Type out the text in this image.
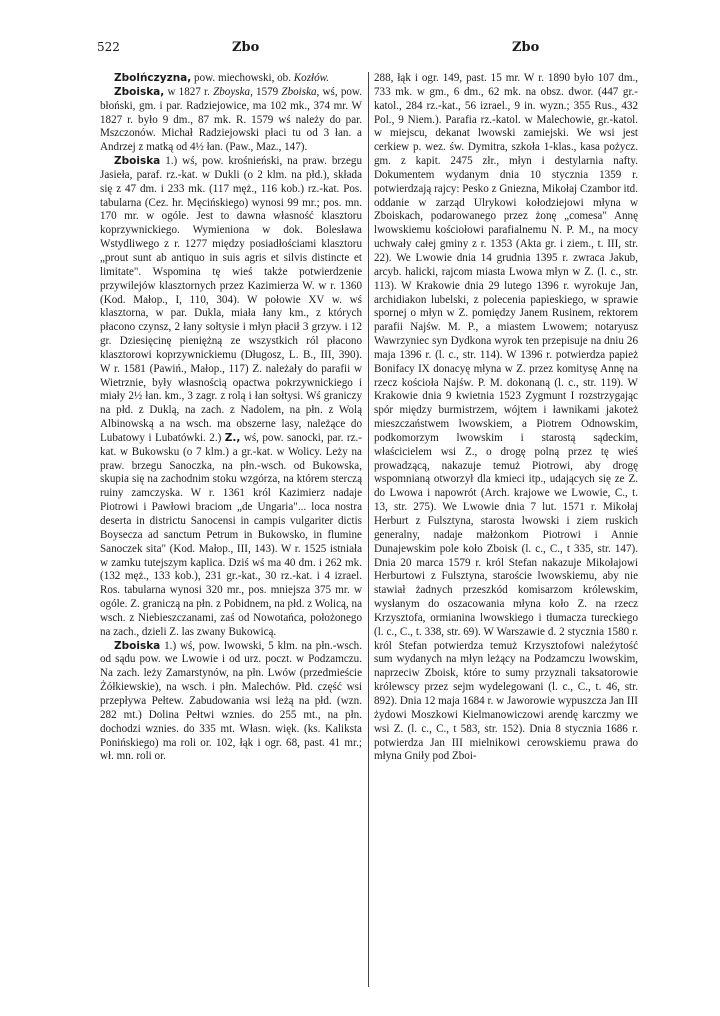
522	Zbo	Zbo

Zbolńczyzna, pow. miechowski, ob. Kozłów.

Zboiska, w 1827 r. Zboyska, 1579 Zboiska, wś, pow. błoński, gm. i par. Radziejowice, ma 102 mk., 374 mr. W 1827 r. było 9 dm., 87 mk. R. 1579 wś należy do par. Mszczonów. Michał Radziejowski płaci tu od 3 łan. a Andrzej z matką od 4½ łan. (Paw., Maz., 147).

Zboiska 1.) wś, pow. krośnieński, na praw. brzegu Jasieła, paraf. rz.-kat. w Dukli (o 2 klm. na płd.), składa się z 47 dm. i 233 mk. (117 męż., 116 kob.) rz.-kat. Pos. tabularna (Cez. hr. Męcińskiego) wynosi 99 mr.; pos. mn. 170 mr. w ogóle. Jest to dawna własność klasztoru koprzywnickiego. Wymieniona w dok. Bolesława Wstydliwego z r. 1277 między posiadłościami klasztoru „prout sunt ab antiquo in suis agris et silvis distincte et limitate". Wspomina tę wieś także potwierdzenie przywilejów klasztornych przez Kazimierza W. w r. 1360 (Kod. Małop., I, 110, 304). W połowie XV w. wś klasztorna, w par. Dukla, miała łany km., z których płacono czynsz, 2 łany sołtysie i młyn płacił 3 grzyw. i 12 gr. Dziesięcinę pieniężną ze wszystkich ról płacono klasztorowi koprzywnickiemu (Długosz, L. B., III, 390). W r. 1581 (Pawiń., Małop., 117) Z. należały do parafii w Wietrznie, były własnością opactwa pokrzywnickiego i miały 2½ łan. km., 3 zagr. z rolą i łan sołtysi. Wś graniczy na płd. z Duklą, na zach. z Nadolem, na płn. z Wolą Albinowską a na wsch. ma obszerne lasy, należące do Lubatowy i Lubatówki. 2.) Z., wś, pow. sanocki, par. rz.-kat. w Bukowsku (o 7 klm.) a gr.-kat. w Wolicy. Leży na praw. brzegu Sanoczka, na płn.-wsch. od Bukowska, skupia się na zachodnim stoku wzgórza, na którem sterczą ruiny zamczyska. W r. 1361 król Kazimierz nadaje Piotrowi i Pawłowi braciom „de Ungaria"... loca nostra deserta in districtu Sanocensi in campis vulgariter dictis Boysecza ad sanctum Petrum in Bukowsko, in flumine Sanoczek sita" (Kod. Małop., III, 143). W r. 1525 istniała w zamku tutejszym kaplica. Dziś wś ma 40 dm. i 262 mk. (132 męż., 133 kob.), 231 gr.-kat., 30 rz.-kat. i 4 izrael. Ros. tabularna wynosi 320 mr., pos. mniejsza 375 mr. w ogóle. Z. graniczą na płn. z Pobidnem, na płd. z Wolicą, na wsch. z Niebieszczanami, zaś od Nowotańca, położonego na zach., dzieli Z. las zwany Bukowicą.

Zboiska 1.) wś, pow. lwowski, 5 klm. na płn.-wsch. od sądu pow. we Lwowie i od urz. poczt. w Podzamczu. Na zach. leży Zamarstynów, na płn. Lwów (przedmieście Żółkiewskie), na wsch. i płn. Malechów. Płd. część wsi przepływa Pełtew. Zabudowania wsi leżą na płd. (wzn. 282 mt.) Dolina Pełtwi wznies. do 255 mt., na płn. dochodzi wznies. do 335 mt. Własn. więk. (ks. Kaliksta Ponińskiego) ma roli or. 102, łąk i ogr. 68, past. 41 mr.; wł. mn. roli or.

288, łąk i ogr. 149, past. 15 mr. W r. 1890 było 107 dm., 733 mk. w gm., 6 dm., 62 mk. na obsz. dwor. (447 gr.-katol., 284 rz.-kat., 56 izrael., 9 in. wyzn.; 355 Rus., 432 Pol., 9 Niem.). Parafia rz.-katol. w Malechowie, gr.-katol. w miejscu, dekanat lwowski zamiejski. We wsi jest cerkiew p. wez. św. Dymitra, szkoła 1-klas., kasa pożycz. gm. z kapit. 2475 złr., młyn i destylarnia nafty. Dokumentem wydanym dnia 10 stycznia 1359 r. potwierdzają rajcy: Pesko z Gniezna, Mikołaj Czambor itd. oddanie w zarząd Ulrykowi kołodziejowi młyna w Zboiskach, podarowanego przez żonę „comesa" Annę lwowskiemu kościołowi parafialnemu N. P. M., na mocy uchwały całej gminy z r. 1353 (Akta gr. i ziem., t. III, str. 22). We Lwowie dnia 14 grudnia 1395 r. zwraca Jakub, arcyb. halicki, rajcom miasta Lwowa młyn w Z. (l. c., str. 113). W Krakowie dnia 29 lutego 1396 r. wyrokuje Jan, archidiakon lubelski, z polecenia papieskiego, w sprawie spornej o młyn w Z. pomiędzy Janem Rusinem, rektorem parafii Najśw. M. P., a miastem Lwowem; notaryusz Wawrzyniec syn Dydkona wyrok ten przepisuje na dniu 26 maja 1396 r. (l. c., str. 114). W 1396 r. potwierdza papież Bonifacy IX donacyę młyna w Z. przez komitysę Annę na rzecz kościoła Najśw. P. M. dokonaną (l. c., str. 119). W Krakowie dnia 9 kwietnia 1523 Zygmunt I rozstrzygając spór między burmistrzem, wójtem i ławnikami jakoteż mieszczaństwem lwowskiem, a Piotrem Odnowskim, podkomorzym lwowskim i starostą sądeckim, właścicielem wsi Z., o drogę polną przez tę wieś prowadzącą, nakazuje temuż Piotrowi, aby drogę wspomnianą otworzył dla kmieci itp., udających się ze Z. do Lwowa i napowrót (Arch. krajowe we Lwowie, C., t. 13, str. 275). We Lwowie dnia 7 lut. 1571 r. Mikołaj Herburt z Fulsztyna, starosta lwowski i ziem ruskich generalny, nadaje małżonkom Piotrowi i Annie Dunajewskim pole koło Zboisk (l. c., C., t 335, str. 147). Dnia 20 marca 1579 r. król Stefan nakazuje Mikołajowi Herburtowi z Fulsztyna, staroście lwowskiemu, aby nie stawiał żadnych przeszkód komisarzom królewskim, wysłanym do oszacowania młyna koło Z. na rzecz Krzysztofa, ormianina lwowskiego i tłumacza tureckiego (l. c., C., t. 338, str. 69). W Warszawie d. 2 stycznia 1580 r. król Stefan potwierdza temuż Krzysztofowi należytość sum wydanych na młyn leżący na Podzamczu lwowskim, naprzeciw Zboisk, które to sumy przyznali taksatorowie królewscy przez sejm wydelegowani (l. c., C., t. 46, str. 892). Dnia 12 maja 1684 r. w Jaworowie wypuszcza Jan III żydowi Moszkowi Kielmanowiczowi arendę karczmy we wsi Z. (l. c., C., t 583, str. 152). Dnia 8 stycznia 1686 r. potwierdza Jan III mielnikowi cerowskiemu prawa do młyna Gniły pod Zboi-
